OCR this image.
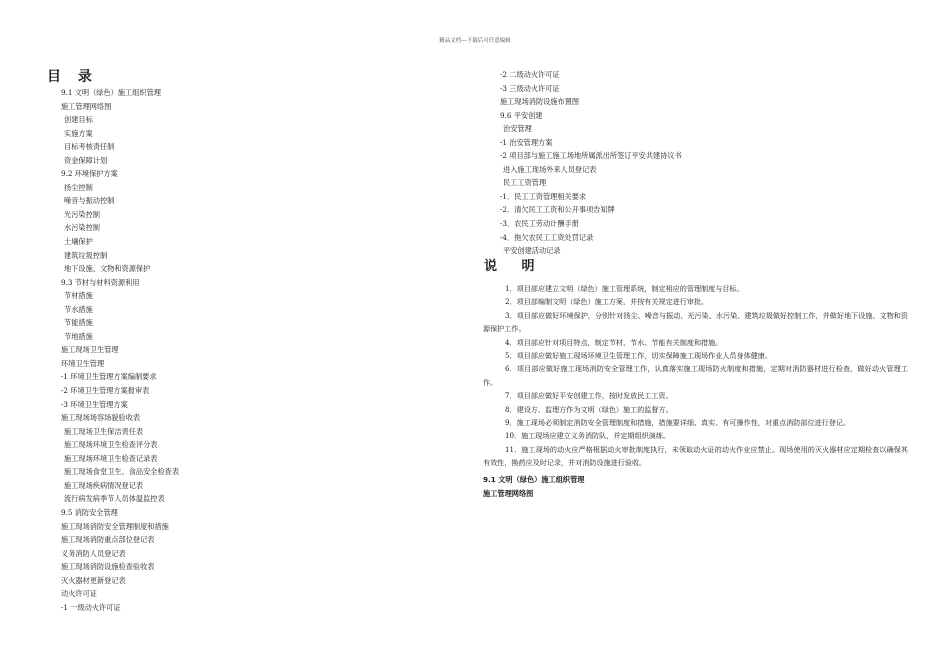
精品文档---下载后可任意编辑
目 录
9.1 文明（绿色）施工组织管理
施工管理网络图
创建目标
实施方案
目标考核责任制
资金保障计划
9.2 环境保护方案
扬尘控制
噪音与振动控制
光污染控制
水污染控制
土壤保护
建筑垃圾控制
地下设施、文物和资源保护
9.3 节材与材料资源利用
节材措施
节水措施
节能措施
节地措施
施工现场卫生管理
环境卫生管理
-1 环境卫生管理方案编制要求
-2 环境卫生管理方案报审表
-3 环境卫生管理方案
施工现场场容场貌验收表
施工现场卫生保洁责任表
施工现场环境卫生检查评分表
施工现场环境卫生检查记录表
施工现场食堂卫生、食品安全检查表
施工现场疾病情况登记表
流行病发病季节人员体温监控表
9.5 消防安全管理
施工现场消防安全管理制度和措施
施工现场消防重点部位登记表
义务消防人员登记表
施工现场消防设施检查验收表
灭火器材更新登记表
动火许可证
-1 一级动火许可证
-2 二级动火许可证
-3 三级动火许可证
施工现场消防设施布置图
9.6 平安创建
治安管理
-1 治安管理方案
-2 项目部与施工施工场地所属派出所签订平安共建协议书
进入施工现场外来人员登记表
民工工资管理
-1．民工工资管理相关要求
-2．清欠民工工资和公开事项告知牌
-3．农民工劳动计酬手册
-4．拖欠农民工工资处罚记录
平安创建活动记录
说 明

1．项目部应建立文明（绿色）施工管理系统，制定相应的管理制度与目标。

2．项目部编制文明（绿色）施工方案，并按有关规定进行审批。

3．项目部应做好环境保护，分别针对扬尘、噪音与振动、光污染、水污染、建筑垃圾做好控制工作，并做好地下设施、文物和资源保护工作。

4．项目部应针对项目特点，制定节材、节水、节能有关制度和措施。

5．项目部应做好施工现场环境卫生管理工作，切实保障施工现场作业人员身体健康。

6．项目部应做好施工现场消防安全管理工作，认真落实施工现场防火制度和措施，定期对消防器材进行检查，做好动火管理工作。

7．项目部应做好平安创建工作，按时发放民工工资。

8．建设方、监理方作为文明（绿色）施工的监督方。

9．施工现场必须制定消防安全管理制度和措施，措施要详细、真实、有可操作性，对重点消防部位进行登记。

10．施工现场应建立义务消防队，并定期组织演练。

11．施工现场的动火应严格根据动火审批制度执行，未领取动火证的动火作业应禁止。现场使用的灭火器材应定期检查以确保其有效性，换药应及时记录，并对消防设施进行验收。

9.1 文明（绿色）施工组织管理
施工管理网络图
